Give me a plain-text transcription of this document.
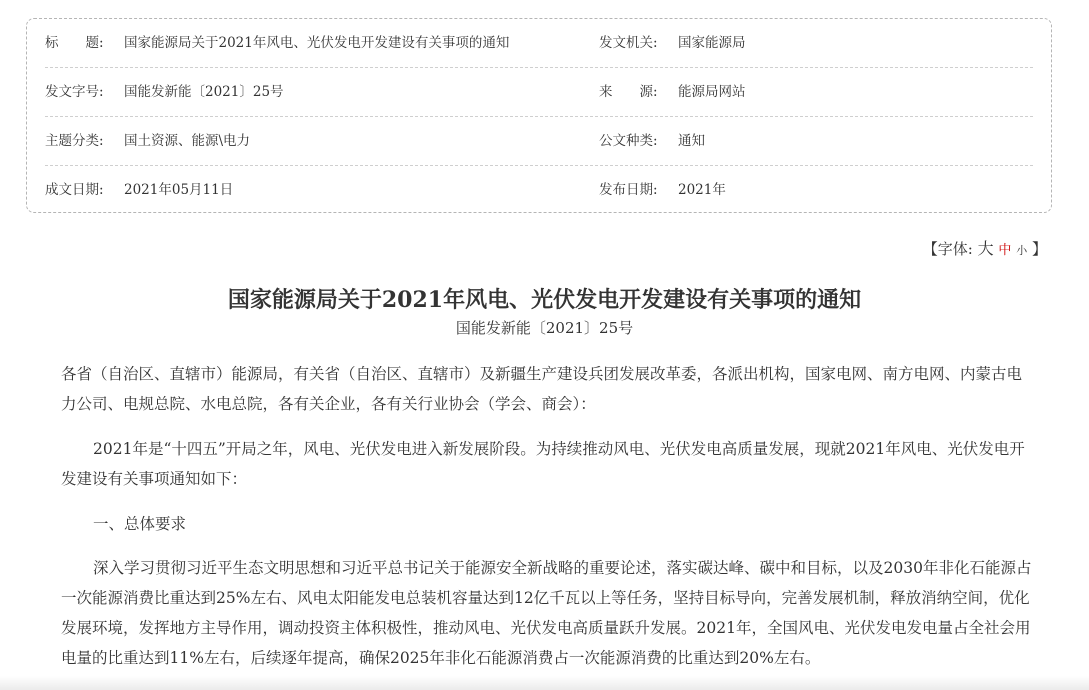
标　　题: 国家能源局关于2021年风电、光伏发电开发建设有关事项的通知	发文机关: 国家能源局
发文字号: 国能发新能〔2021〕25号	来　　源: 能源局网站
主题分类: 国土资源、能源\电力	公文种类: 通知
成文日期: 2021年05月11日	发布日期: 2021年
【字体: 大 中 小 】
国家能源局关于2021年风电、光伏发电开发建设有关事项的通知
国能发新能〔2021〕25号

各省（自治区、直辖市）能源局，有关省（自治区、直辖市）及新疆生产建设兵团发展改革委，各派出机构，国家电网、南方电网、内蒙古电力公司、电规总院、水电总院，各有关企业，各有关行业协会（学会、商会）：

2021年是“十四五”开局之年，风电、光伏发电进入新发展阶段。为持续推动风电、光伏发电高质量发展，现就2021年风电、光伏发电开发建设有关事项通知如下：

一、总体要求

深入学习贯彻习近平生态文明思想和习近平总书记关于能源安全新战略的重要论述，落实碳达峰、碳中和目标，以及2030年非化石能源占一次能源消费比重达到25%左右、风电太阳能发电总装机容量达到12亿千瓦以上等任务，坚持目标导向，完善发展机制，释放消纳空间，优化发展环境，发挥地方主导作用，调动投资主体积极性，推动风电、光伏发电高质量跃升发展。2021年，全国风电、光伏发电发电量占全社会用电量的比重达到11%左右，后续逐年提高，确保2025年非化石能源消费占一次能源消费的比重达到20%左右。
